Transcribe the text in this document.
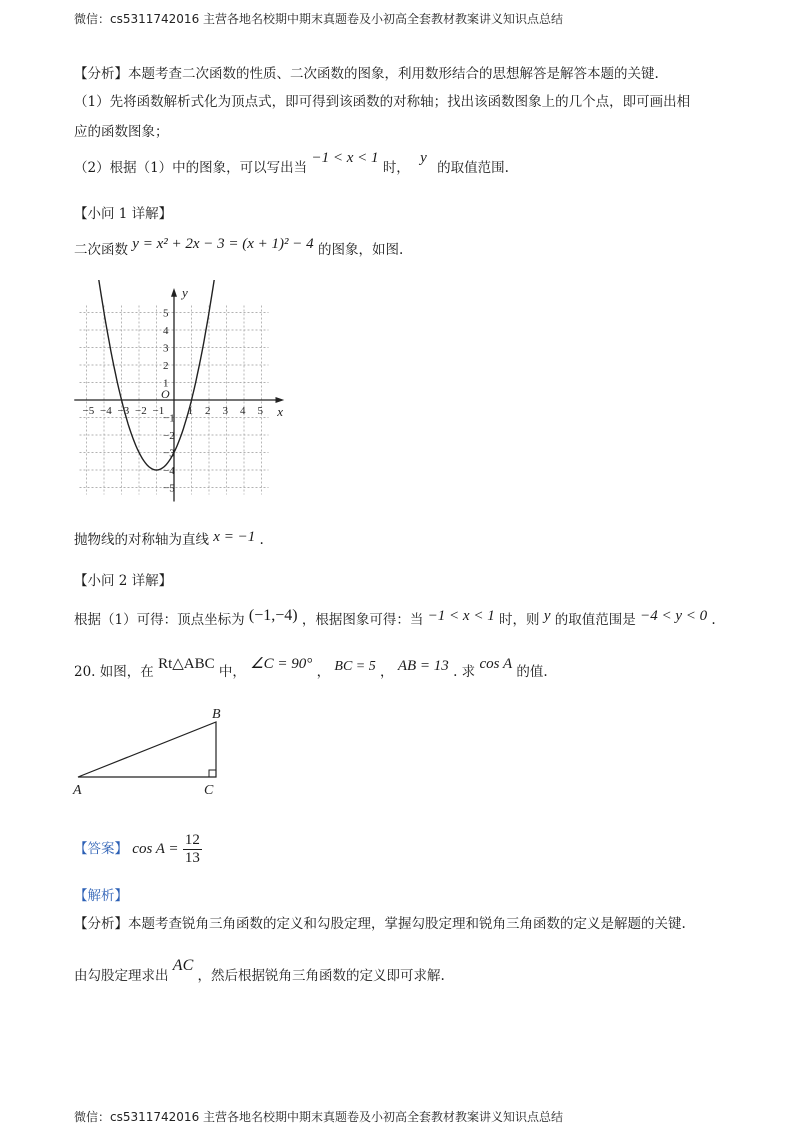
微信：cs5311742016 主营各地名校期中期末真题卷及小初高全套教材教案讲义知识点总结
【分析】本题考查二次函数的性质、二次函数的图象，利用数形结合的思想解答是解答本题的关键.
（1）先将函数解析式化为顶点式，即可得到该函数的对称轴；找出该函数图象上的几个点，即可画出相
应的函数图象；
（2）根据（1）中的图象，可以写出当 −1 < x < 1 时， y 的取值范围.
【小问 1 详解】
二次函数 y = x² + 2x − 3 = (x + 1)² − 4 的图象，如图.
−5 −4 −3 −2 −1 1 2 3 4 5
5
4
3
2
1
−1
−2
−3
−4
−5
x
y
O
抛物线的对称轴为直线 x = −1 .
【小问 2 详解】
根据（1）可得：顶点坐标为 (−1,−4) ，根据图象可得：当 −1 < x < 1 时，则 y 的取值范围是 −4 < y < 0 .
20. 如图，在 Rt△ABC 中， ∠C = 90° ， BC = 5 ， AB = 13 . 求 cos A 的值.
A
B
C
【答案】 $\cos A = \frac{12}{13}$
【解析】
【分析】本题考查锐角三角函数的定义和勾股定理，掌握勾股定理和锐角三角函数的定义是解题的关键.
由勾股定理求出 AC ，然后根据锐角三角函数的定义即可求解.
微信：cs5311742016 主营各地名校期中期末真题卷及小初高全套教材教案讲义知识点总结
